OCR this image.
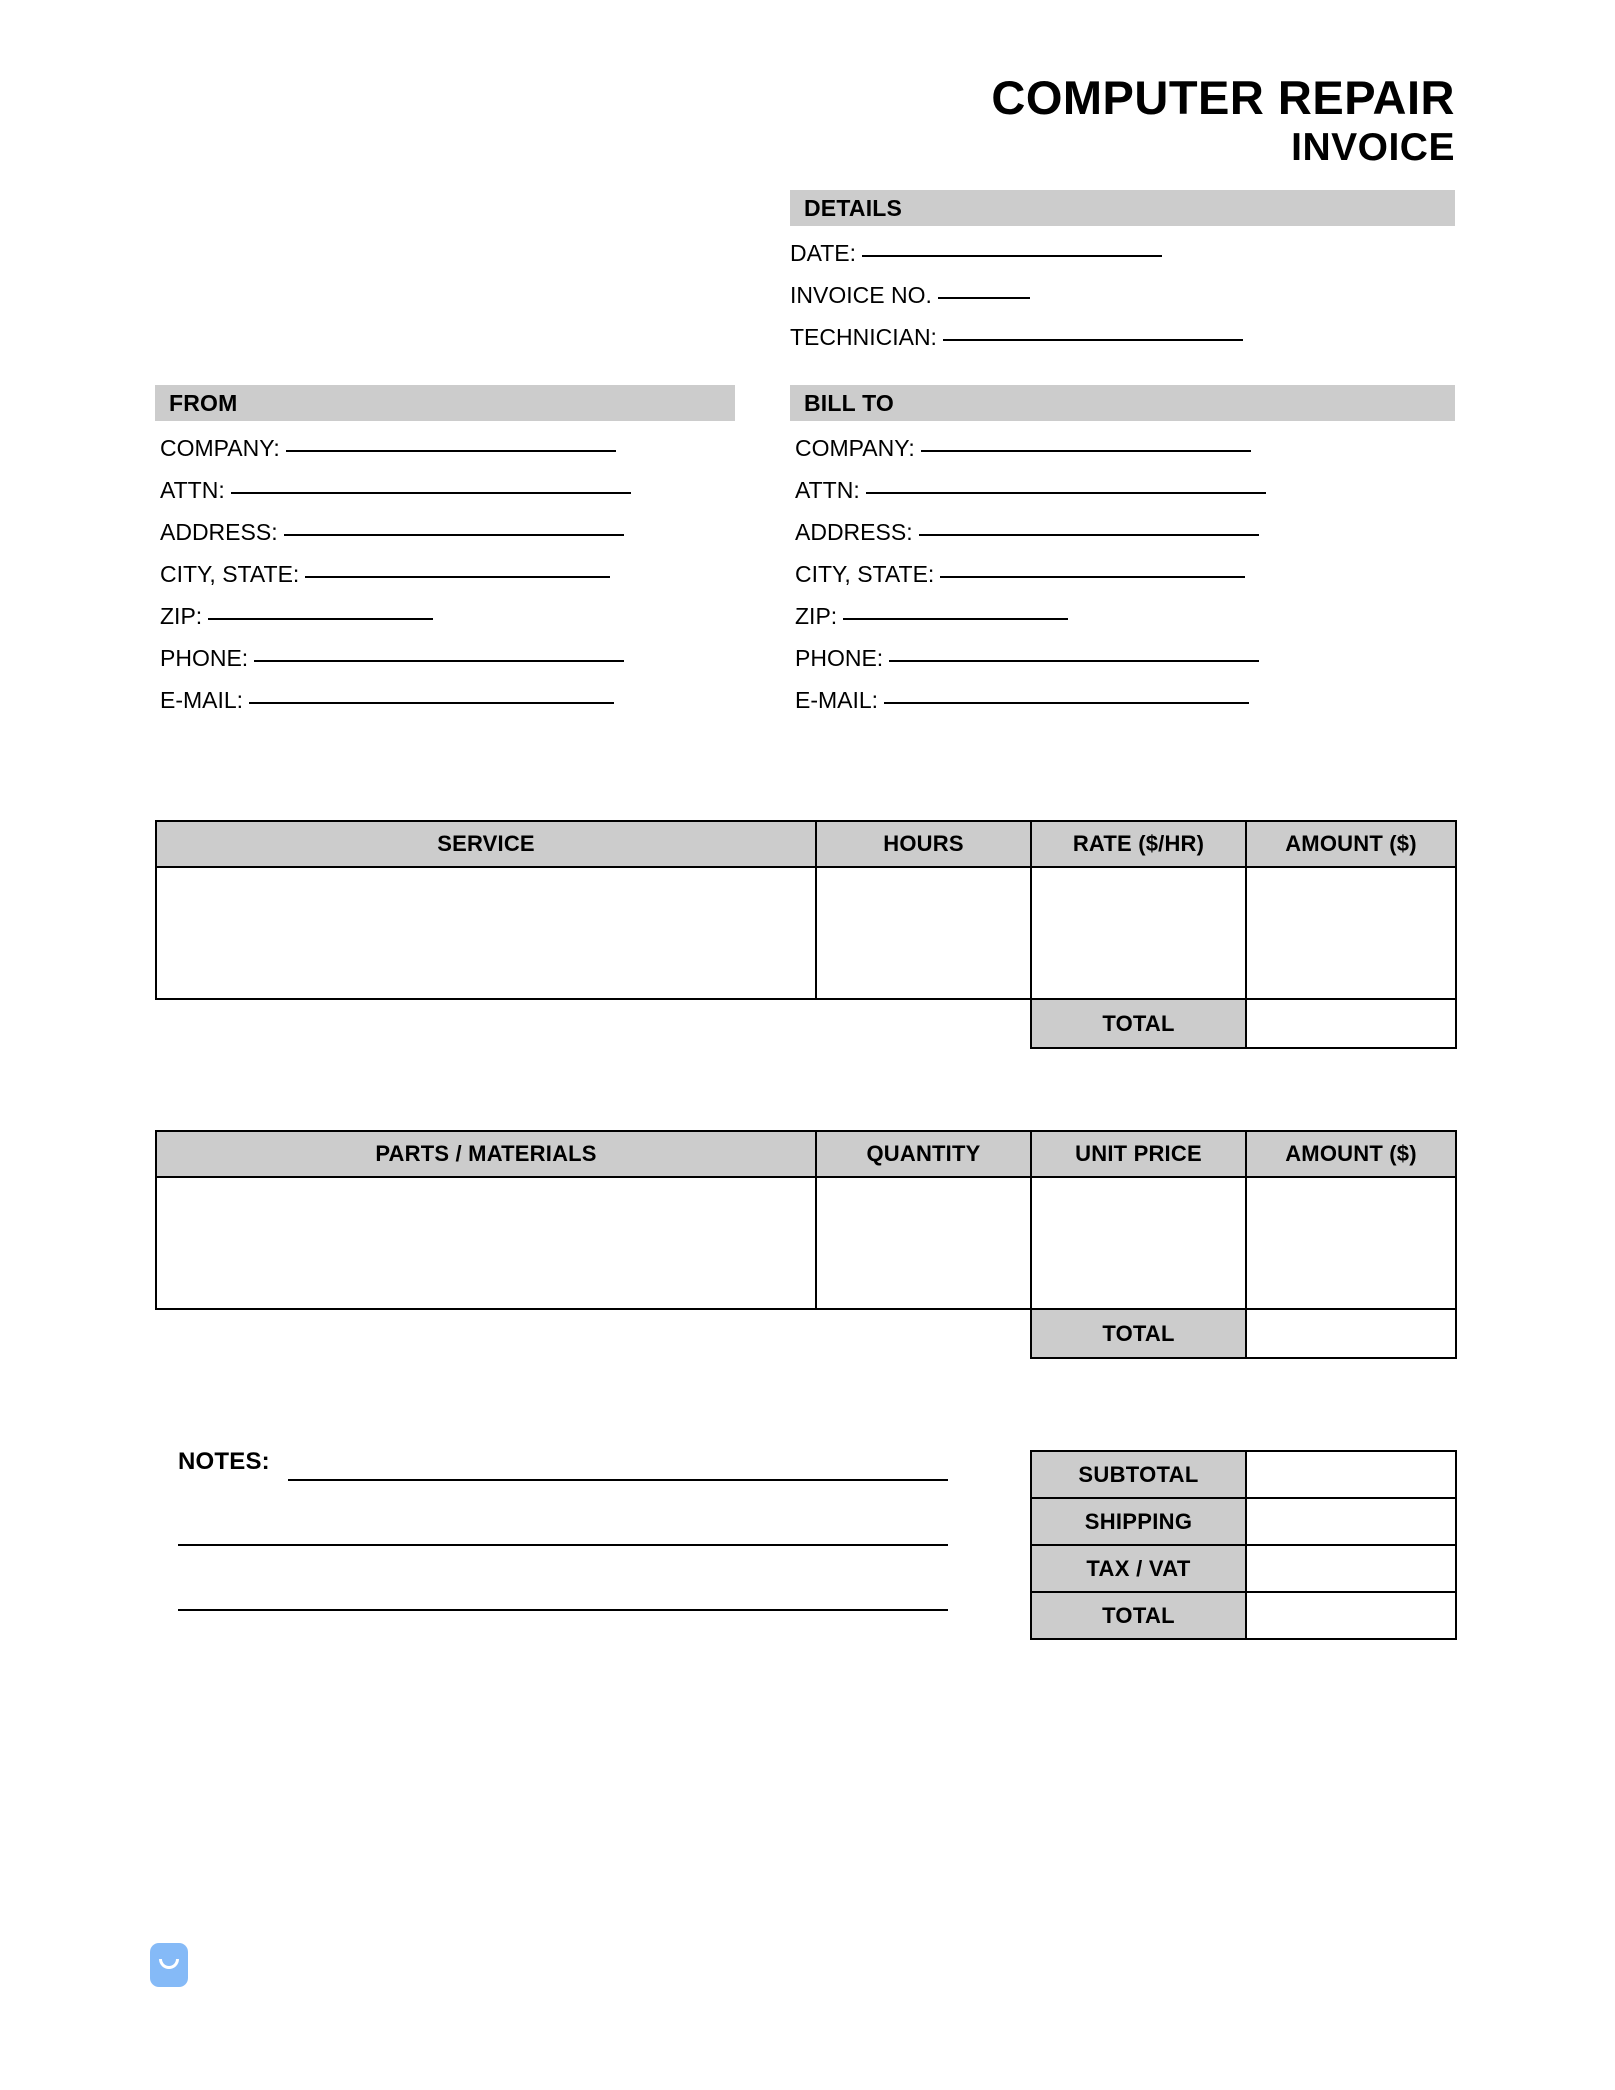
COMPUTER REPAIR
INVOICE
DETAILS
DATE:
INVOICE NO.
TECHNICIAN:
FROM
COMPANY:
ATTN:
ADDRESS:
CITY, STATE:
ZIP:
PHONE:
E-MAIL:
BILL TO
COMPANY:
ATTN:
ADDRESS:
CITY, STATE:
ZIP:
PHONE:
E-MAIL:
SERVICE	HOURS	RATE ($/HR)	AMOUNT ($)

		TOTAL	
PARTS / MATERIALS	QUANTITY	UNIT PRICE	AMOUNT ($)

		TOTAL	
NOTES:	SUBTOTAL	
SHIPPING	
TAX / VAT	
TOTAL	
